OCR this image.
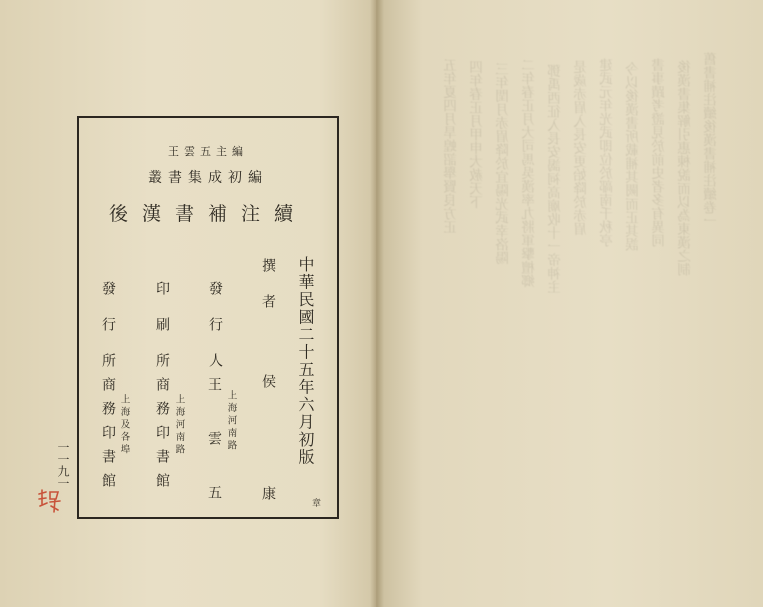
舊書補注續後漢書補注續卷一
後漢書集解引惠棟說而以為東漢之制
書事蹟考證見於前史者多有異同
今以後漢書所載補其闕而正其誤
建武元年光武即位於鄗南千秋亭
是歲赤眉入長安更始降於赤眉
鄧禹西征入長安謁祠高廟收十一帝神主
二年春正月大司馬吳漢率九將軍擊檀鄉
三年閏月赤眉降於宜陽光武幸洛陽
四年春正月甲申大赦天下
五年夏四月旱蝗詔舉賢良方正
王雲五主編
叢書集成初編
後漢書補注續
中華民國二十五年六月初版
撰者
侯康
發行人
王雲五 上海河南路
印刷所
商務印書館 上海河南路
發行所
商務印書館 上海及各埠
章
一一九一
